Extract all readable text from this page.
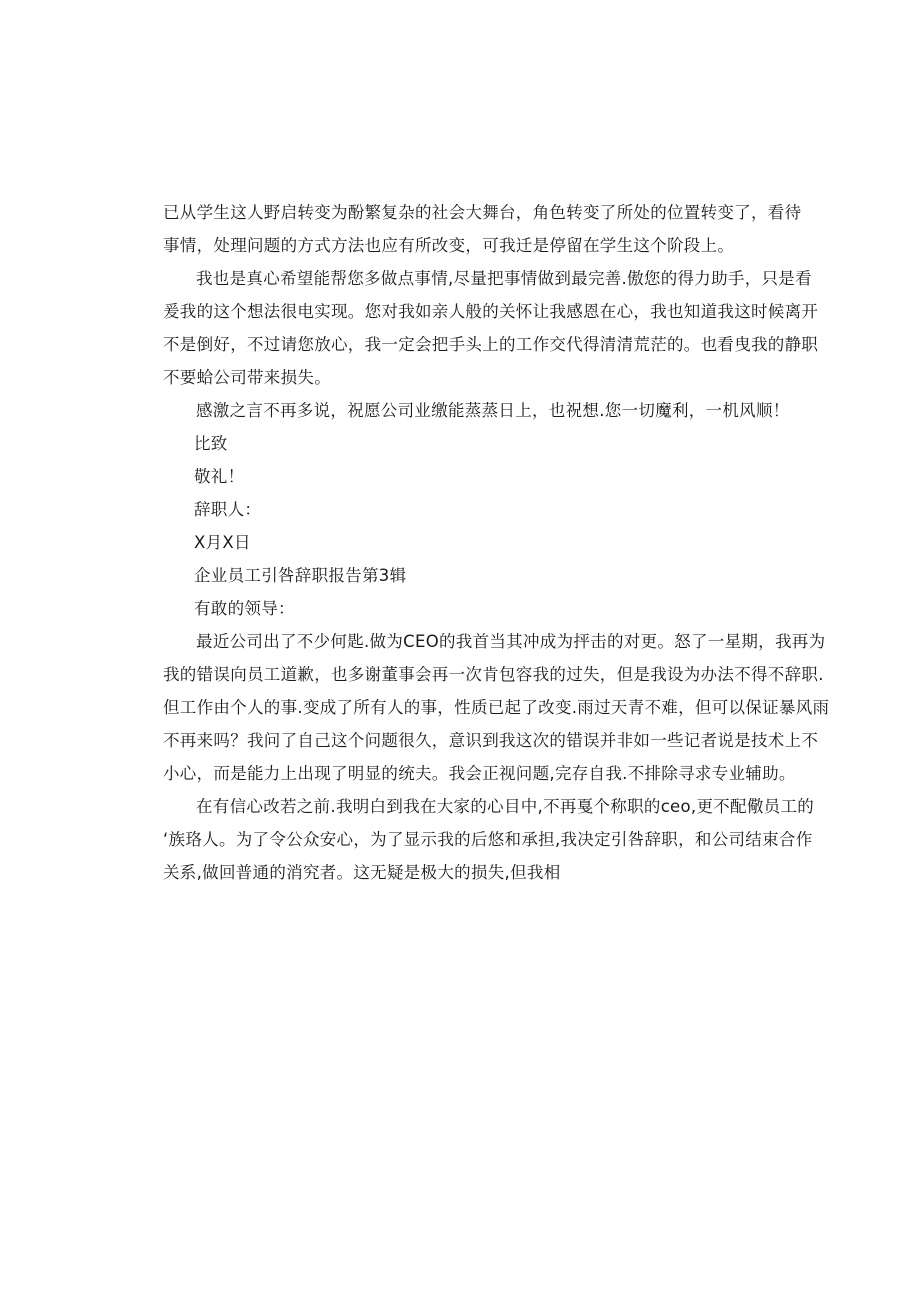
已从学生这人野启转变为酚繁复杂的社会大舞台，角色转变了所处的位置转变了，看待
事情，处理问题的方式方法也应有所改变，可我迁是停留在学生这个阶段上。
我也是真心希望能帮您多做点事情,尽量把事情做到最完善.傲您的得力助手，只是看
爰我的这个想法很电实现。您对我如亲人般的关怀让我感恩在心，我也知道我这时候离开
不是倒好，不过请您放心，我一定会把手头上的工作交代得清清荒茫的。也看曳我的静职
不要蛤公司带来损失。
感激之言不再多说，祝愿公司业缴能蒸蒸日上，也祝想.您一切魔利，一机风顺！
比致
敬礼！
辞职人：
X月X日
企业员工引咎辞职报告第3辑
有敢的领导：
最近公司出了不少何匙.做为CEO的我首当其冲成为抨击的对更。怒了一星期，我再为
我的错误向员工道歉，也多谢董事会再一次肯包容我的过失，但是我设为办法不得不辞职.
但工作由个人的事.变成了所有人的事，性质已起了改变.雨过天青不难，但可以保证暴风雨
不再来吗？我问了自己这个问题很久，意识到我这次的错误并非如一些记者说是技术上不
小心，而是能力上出现了明显的统夫。我会正视问题,完存自我.不排除寻求专业辅助。
在有信心改若之前.我明白到我在大家的心目中,不再戛个称职的ceo,更不配儆员工的
‘族珞人。为了令公众安心，为了显示我的后悠和承担,我决定引咎辞职，和公司结束合作
关系,做回普通的消究者。这无疑是极大的损失,但我相
